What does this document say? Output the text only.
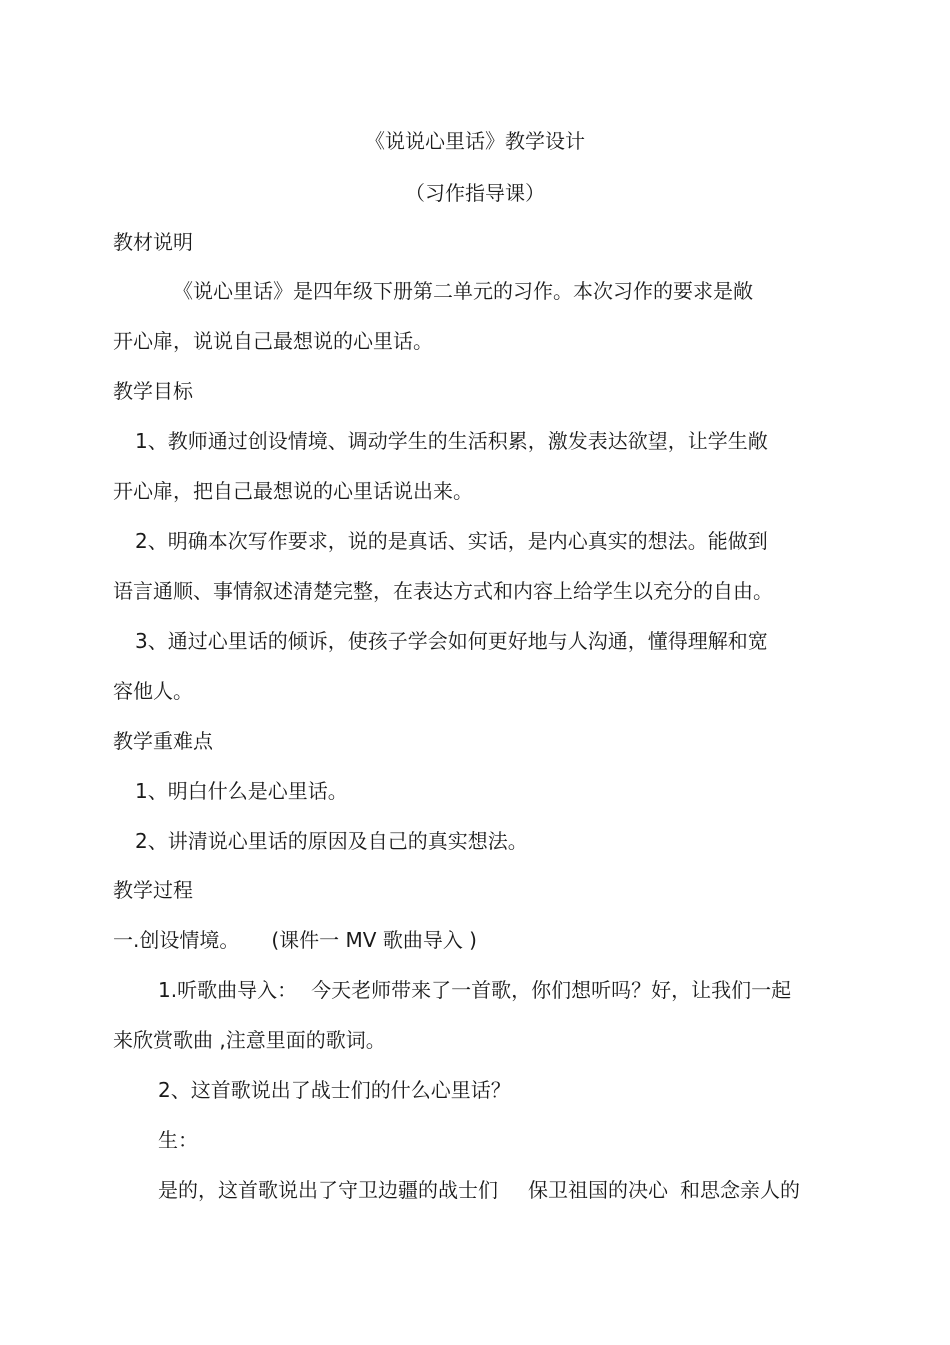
《说说心里话》教学设计
（习作指导课）
教材说明
《说心里话》是四年级下册第二单元的习作。本次习作的要求是敞
开心扉，说说自己最想说的心里话。
教学目标
1、教师通过创设情境、调动学生的生活积累，激发表达欲望，让学生敞
开心扉，把自己最想说的心里话说出来。
2、明确本次写作要求，说的是真话、实话，是内心真实的想法。能做到
语言通顺、事情叙述清楚完整，在表达方式和内容上给学生以充分的自由。
3、通过心里话的倾诉，使孩子学会如何更好地与人沟通，懂得理解和宽
容他人。
教学重难点
1、明白什么是心里话。
2、讲清说心里话的原因及自己的真实想法。
教学过程
一.创设情境。 (课件一 MV 歌曲导入 )
1.听歌曲导入： 今天老师带来了一首歌，你们想听吗？好，让我们一起
来欣赏歌曲 ,注意里面的歌词。
2、这首歌说出了战士们的什么心里话？
生：
是的，这首歌说出了守卫边疆的战士们 保卫祖国的决心 和思念亲人的
